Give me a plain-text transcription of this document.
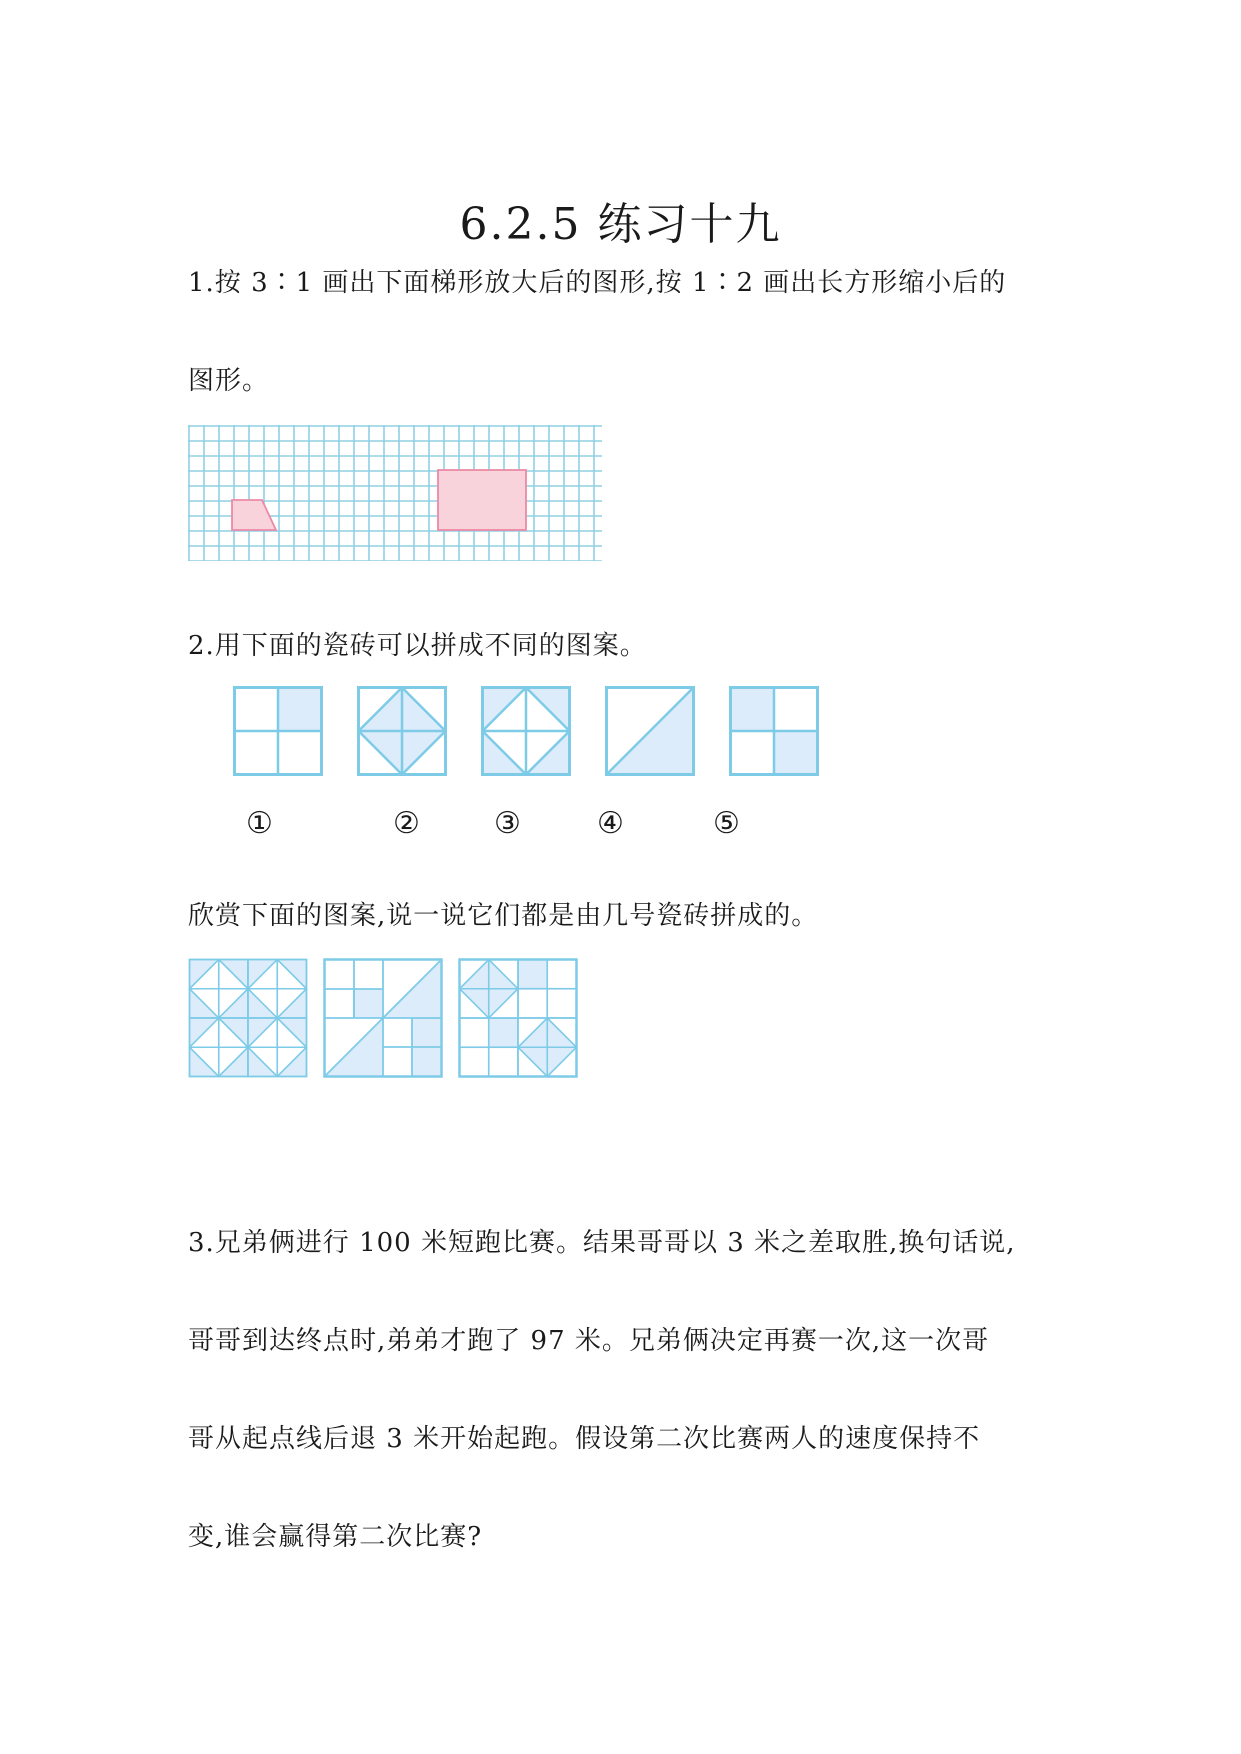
6.2.5 练习十九
1.按 3∶1 画出下面梯形放大后的图形,按 1∶2 画出长方形缩小后的
图形。
2.用下面的瓷砖可以拼成不同的图案。
①	② ③	④	⑤
欣赏下面的图案,说一说它们都是由几号瓷砖拼成的。
3.兄弟俩进行 100 米短跑比赛。结果哥哥以 3 米之差取胜,换句话说,
哥哥到达终点时,弟弟才跑了 97 米。兄弟俩决定再赛一次,这一次哥
哥从起点线后退 3 米开始起跑。假设第二次比赛两人的速度保持不
变,谁会赢得第二次比赛?
